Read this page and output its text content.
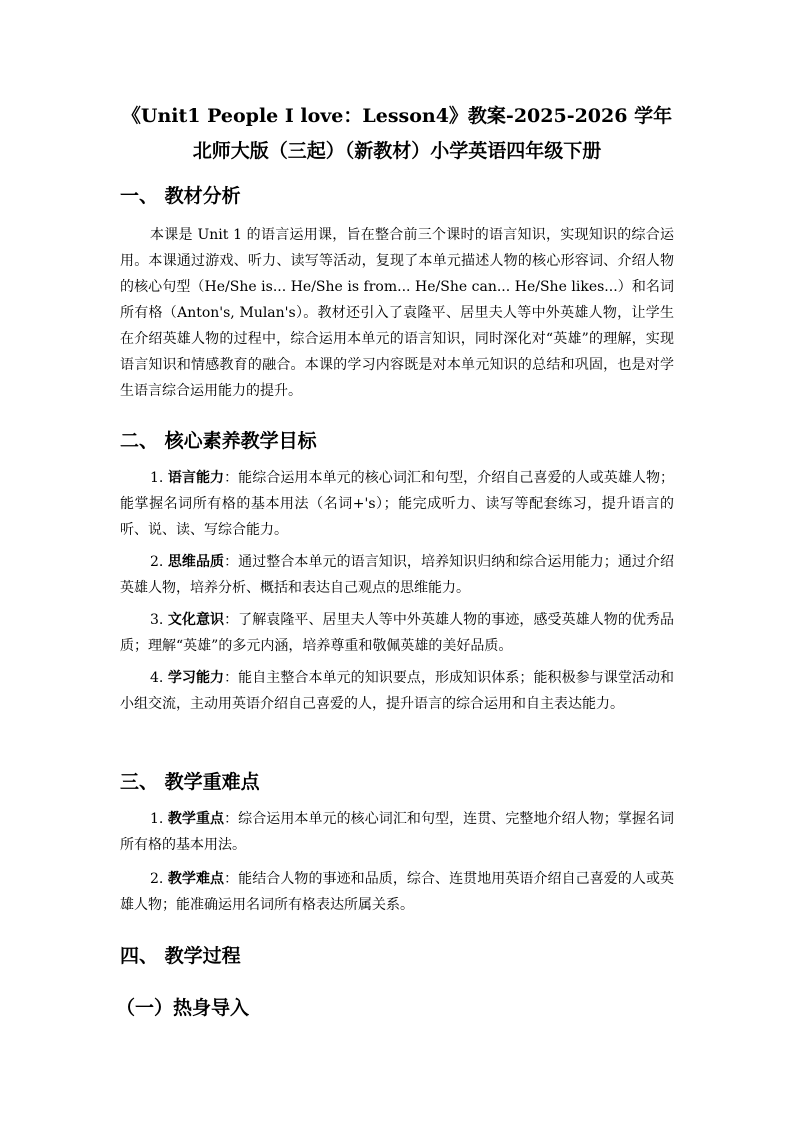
《Unit1 People I love：Lesson4》教案-2025-2026 学年
北师大版（三起）（新教材）小学英语四年级下册
一、 教材分析

本课是 Unit 1 的语言运用课，旨在整合前三个课时的语言知识，实现知识的综合运用。本课通过游戏、听力、读写等活动，复现了本单元描述人物的核心形容词、介绍人物的核心句型（He/She is... He/She is from... He/She can... He/She likes...）和名词所有格（Anton's, Mulan's）。教材还引入了袁隆平、居里夫人等中外英雄人物，让学生在介绍英雄人物的过程中，综合运用本单元的语言知识，同时深化对“英雄”的理解，实现语言知识和情感教育的融合。本课的学习内容既是对本单元知识的总结和巩固，也是对学生语言综合运用能力的提升。

二、 核心素养教学目标

1. 语言能力：能综合运用本单元的核心词汇和句型，介绍自己喜爱的人或英雄人物；能掌握名词所有格的基本用法（名词+'s）；能完成听力、读写等配套练习，提升语言的听、说、读、写综合能力。

2. 思维品质：通过整合本单元的语言知识，培养知识归纳和综合运用能力；通过介绍英雄人物，培养分析、概括和表达自己观点的思维能力。

3. 文化意识：了解袁隆平、居里夫人等中外英雄人物的事迹，感受英雄人物的优秀品质；理解“英雄”的多元内涵，培养尊重和敬佩英雄的美好品质。

4. 学习能力：能自主整合本单元的知识要点，形成知识体系；能积极参与课堂活动和小组交流，主动用英语介绍自己喜爱的人，提升语言的综合运用和自主表达能力。

三、 教学重难点

1. 教学重点：综合运用本单元的核心词汇和句型，连贯、完整地介绍人物；掌握名词所有格的基本用法。

2. 教学难点：能结合人物的事迹和品质，综合、连贯地用英语介绍自己喜爱的人或英雄人物；能准确运用名词所有格表达所属关系。

四、 教学过程
（一）热身导入
